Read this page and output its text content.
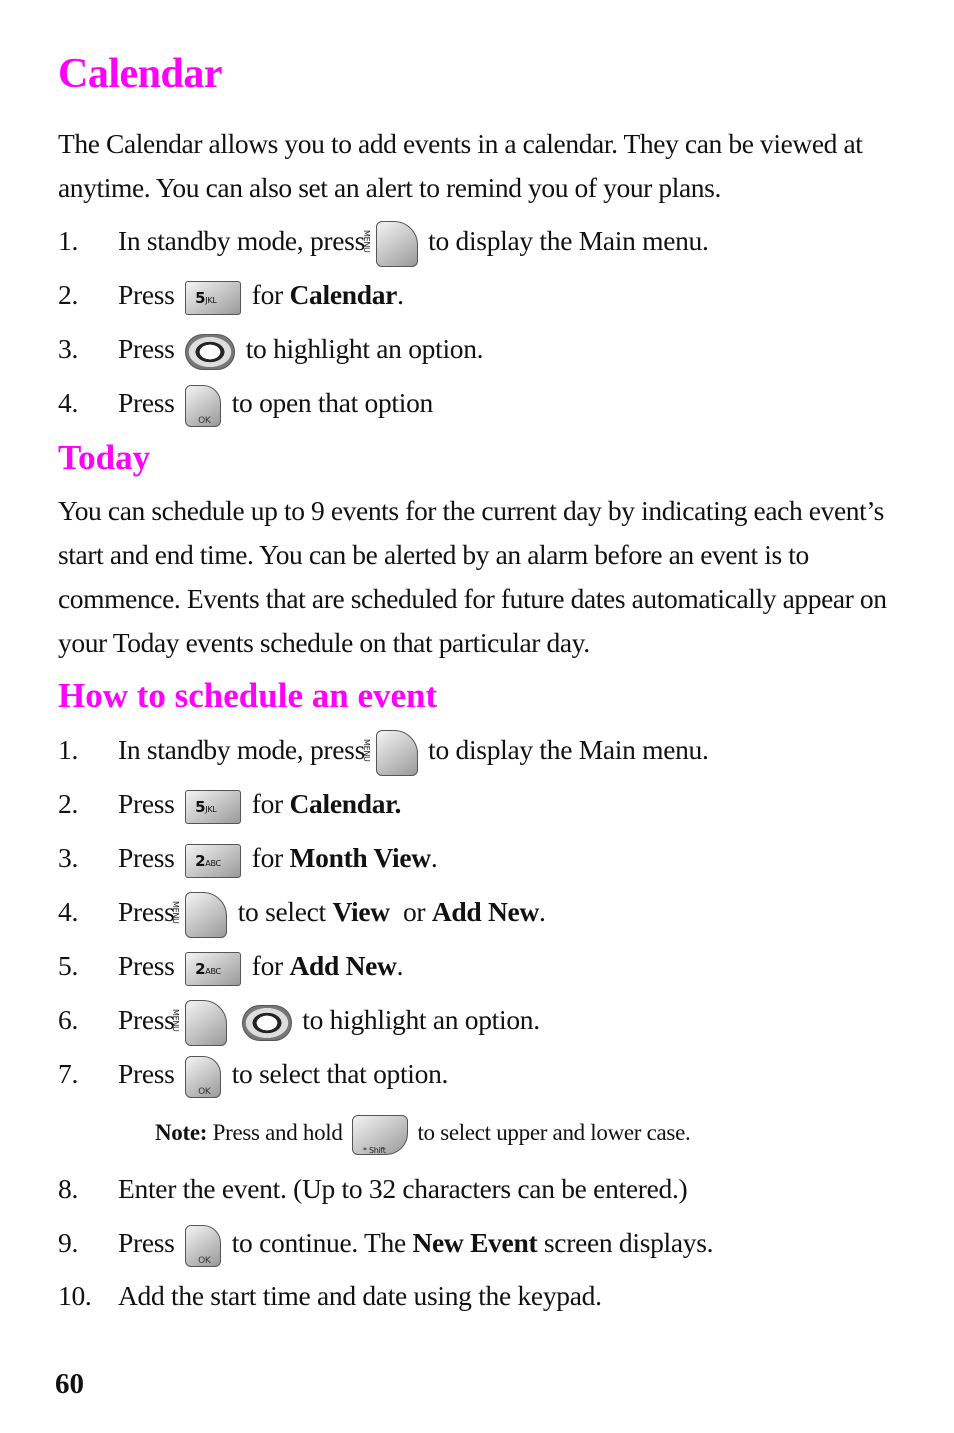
Calendar
The Calendar allows you to add events in a calendar. They can be viewed at anytime. You can also set an alert to remind you of your plans.
1. In standby mode, press MENU to display the Main menu.
2. Press 5JKL for Calendar.
3. Press	to highlight an option.
4. Press OK to open that option
Today
You can schedule up to 9 events for the current day by indicating each event’s start and end time. You can be alerted by an alarm before an event is to commence. Events that are scheduled for future dates automatically appear on your Today events schedule on that particular day.
How to schedule an event
1. In standby mode, press MENU to display the Main menu.
2. Press 5JKL for Calendar.
3. Press 2ABC for Month View.
4. Press MENU to select View or Add New.
5. Press 2ABC for Add New.
6. Press MENU	to highlight an option.
7. Press OK to select that option.
Note: Press and hold * Shift	to select upper and lower case.
8. Enter the event. (Up to 32 characters can be entered.)
9. Press OK to continue. The New Event screen displays.
10. Add the start time and date using the keypad.
60
